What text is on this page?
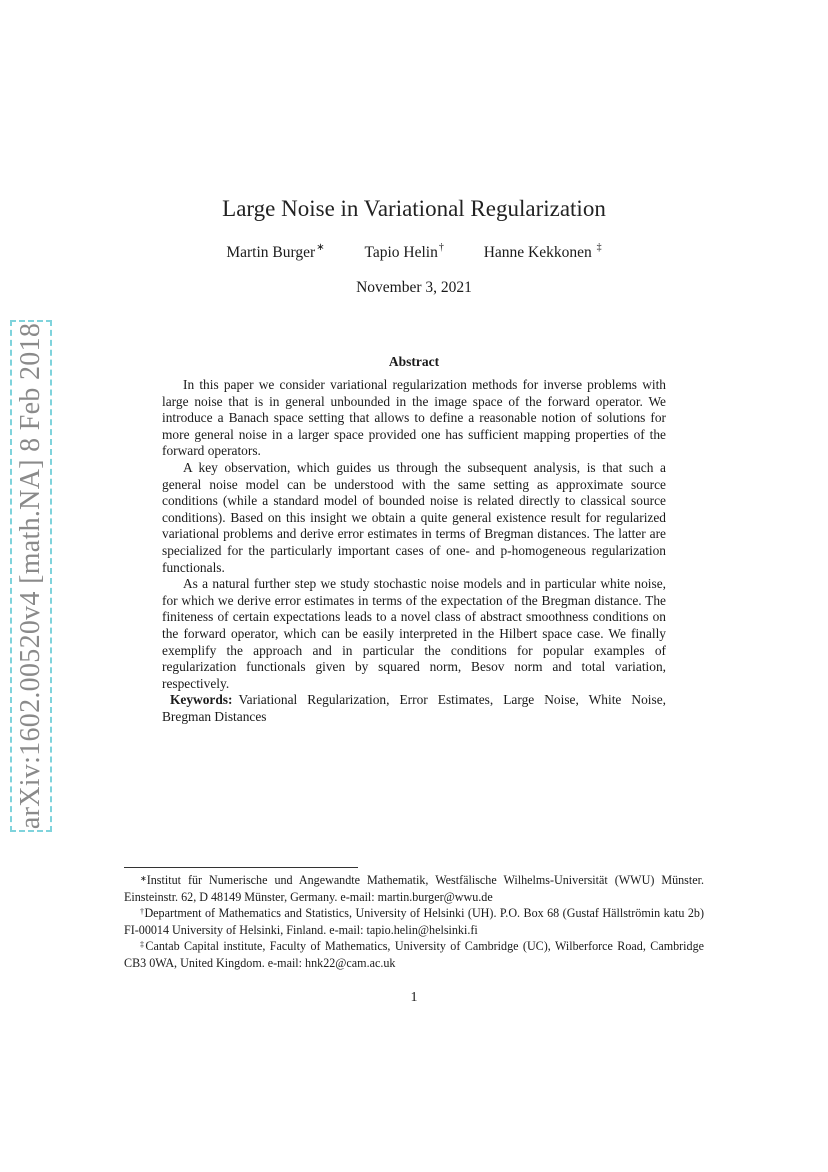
arXiv:1602.00520v4 [math.NA] 8 Feb 2018
Large Noise in Variational Regularization
Martin Burger∗	Tapio Helin†	Hanne Kekkonen ‡
November 3, 2021
Abstract

In this paper we consider variational regularization methods for inverse problems with large noise that is in general unbounded in the image space of the forward operator. We introduce a Banach space setting that allows to define a reasonable notion of solutions for more general noise in a larger space provided one has sufficient mapping properties of the forward operators.

A key observation, which guides us through the subsequent analysis, is that such a general noise model can be understood with the same setting as approximate source conditions (while a standard model of bounded noise is related directly to classical source conditions). Based on this insight we obtain a quite general existence result for regularized variational problems and derive error estimates in terms of Bregman distances. The latter are specialized for the particularly important cases of one- and p-homogeneous regularization functionals.

As a natural further step we study stochastic noise models and in particular white noise, for which we derive error estimates in terms of the expectation of the Bregman distance. The finiteness of certain expectations leads to a novel class of abstract smoothness conditions on the forward operator, which can be easily interpreted in the Hilbert space case. We finally exemplify the approach and in particular the conditions for popular examples of regularization functionals given by squared norm, Besov norm and total variation, respectively.

Keywords: Variational Regularization, Error Estimates, Large Noise, White Noise, Bregman Distances

∗Institut für Numerische und Angewandte Mathematik, Westfälische Wilhelms-Universität (WWU) Münster. Einsteinstr. 62, D 48149 Münster, Germany. e-mail: martin.burger@wwu.de

†Department of Mathematics and Statistics, University of Helsinki (UH). P.O. Box 68 (Gustaf Hällströmin katu 2b) FI-00014 University of Helsinki, Finland. e-mail: tapio.helin@helsinki.fi

‡Cantab Capital institute, Faculty of Mathematics, University of Cambridge (UC), Wilberforce Road, Cambridge CB3 0WA, United Kingdom. e-mail: hnk22@cam.ac.uk

1
